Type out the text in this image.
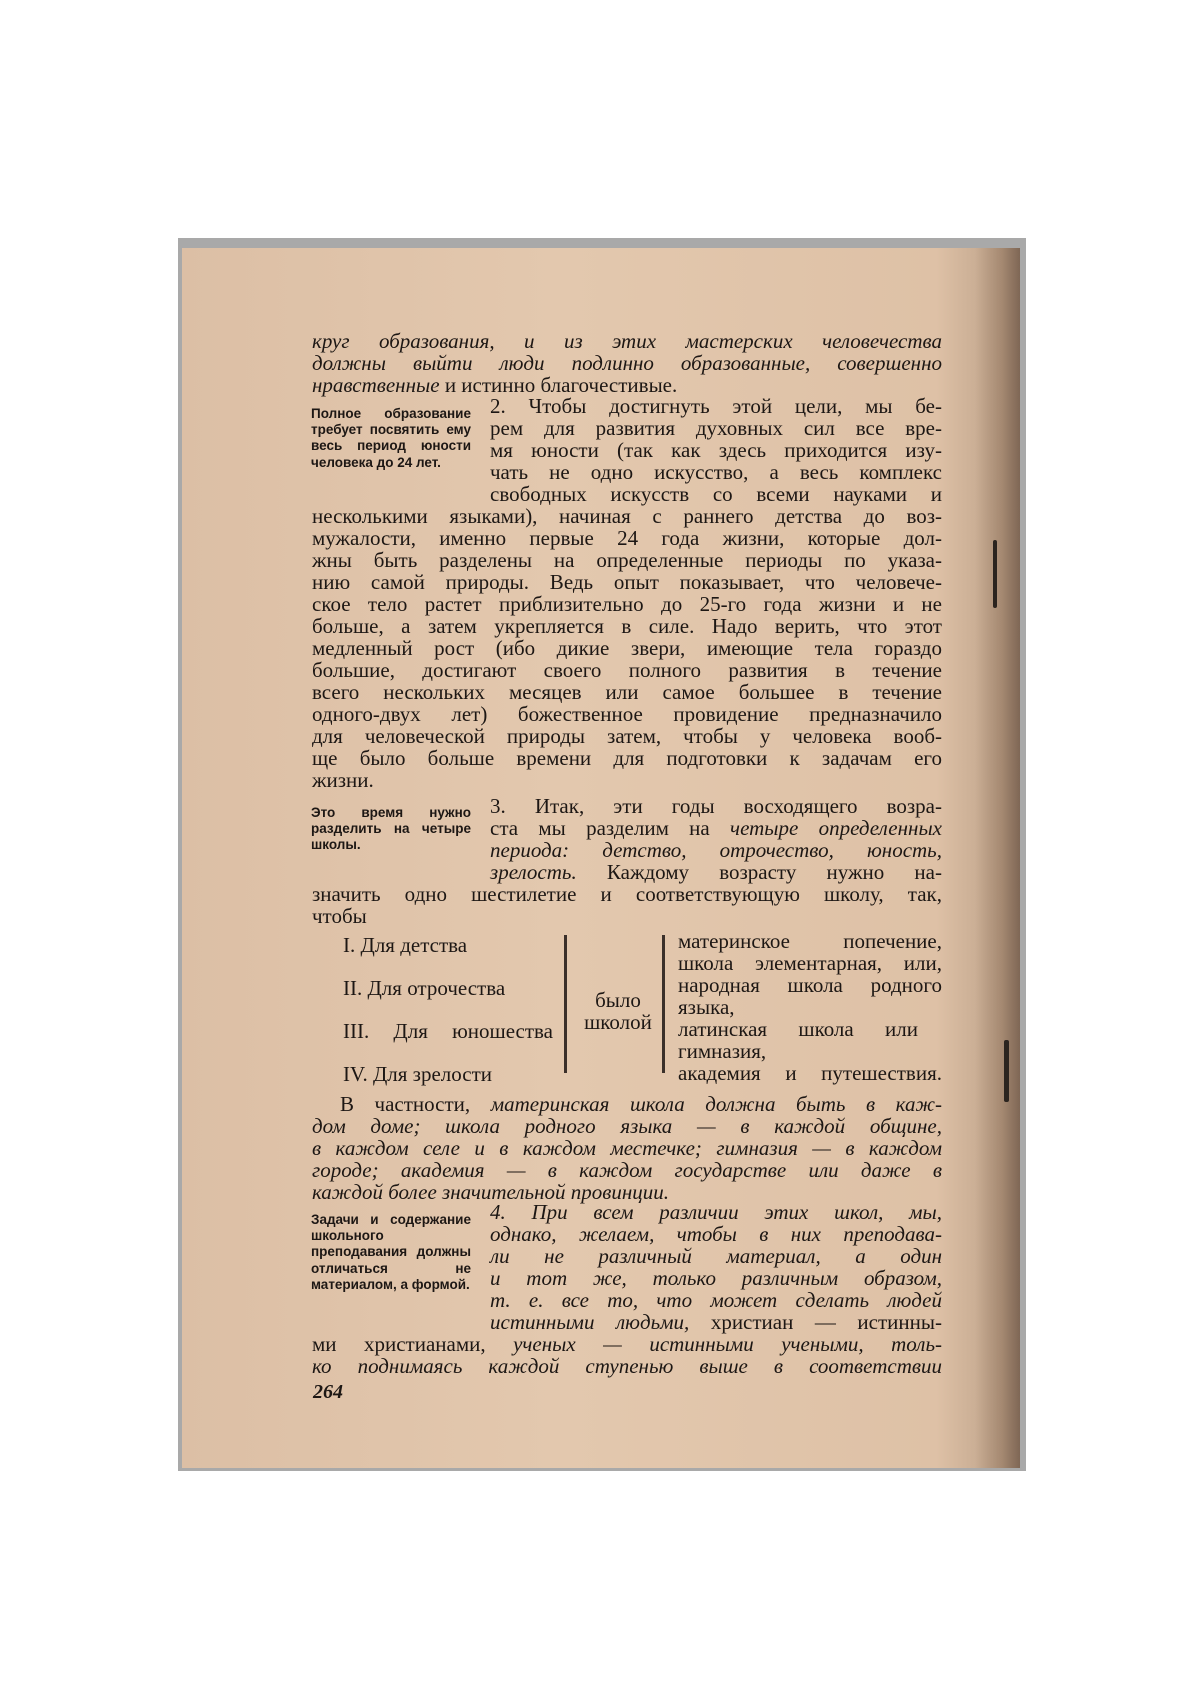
круг образования, и из этих мастерских человечества
должны выйти люди подлинно образованные, совершенно
нравственные и истинно благочестивые.
Полное образование требует посвятить ему весь период юности человека до 24 лет.
2. Чтобы достигнуть этой цели, мы бе-
рем для развития духовных сил все вре-
мя юности (так как здесь приходится изу-
чать не одно искусство, а весь комплекс
свободных искусств со всеми науками и
несколькими языками), начиная с раннего детства до воз-
мужалости, именно первые 24 года жизни, которые дол-
жны быть разделены на определенные периоды по указа-
нию самой природы. Ведь опыт показывает, что человече-
ское тело растет приблизительно до 25-го года жизни и не
больше, а затем укрепляется в силе. Надо верить, что этот
медленный рост (ибо дикие звери, имеющие тела гораздо
большие, достигают своего полного развития в течение
всего нескольких месяцев или самое большее в течение
одного-двух лет) божественное провидение предназначило
для человеческой природы затем, чтобы у человека вооб-
ще было больше времени для подготовки к задачам его
жизни.
Это время нужно разделить на четыре школы.
3. Итак, эти годы восходящего возра-
ста мы разделим на четыре определенных
периода: детство, отрочество, юность,
зрелость. Каждому возрасту нужно на-
значить одно шестилетие и соответствующую школу, так,
чтобы
I. Для детства
II. Для отрочества
III. Для юношества
IV. Для зрелости
было
школой
материнское попечение,
школа элементарная, или,
народная школа родного
языка,
латинская школа или
гимназия,
академия и путешествия.
В частности, материнская школа должна быть в каж-
дом доме; школа родного языка — в каждой общине,
в каждом селе и в каждом местечке; гимназия — в каждом
городе; академия — в каждом государстве или даже в
каждой более значительной провинции.
Задачи и содержание школьного преподавания должны отличаться не материалом, а формой.
4. При всем различии этих школ, мы,
однако, желаем, чтобы в них преподава-
ли не различный материал, а один
и тот же, только различным образом,
т. е. все то, что может сделать людей
истинными людьми, христиан — истинны-
ми христианами, ученых — истинными учеными, толь-
ко поднимаясь каждой ступенью выше в соответствии
264
